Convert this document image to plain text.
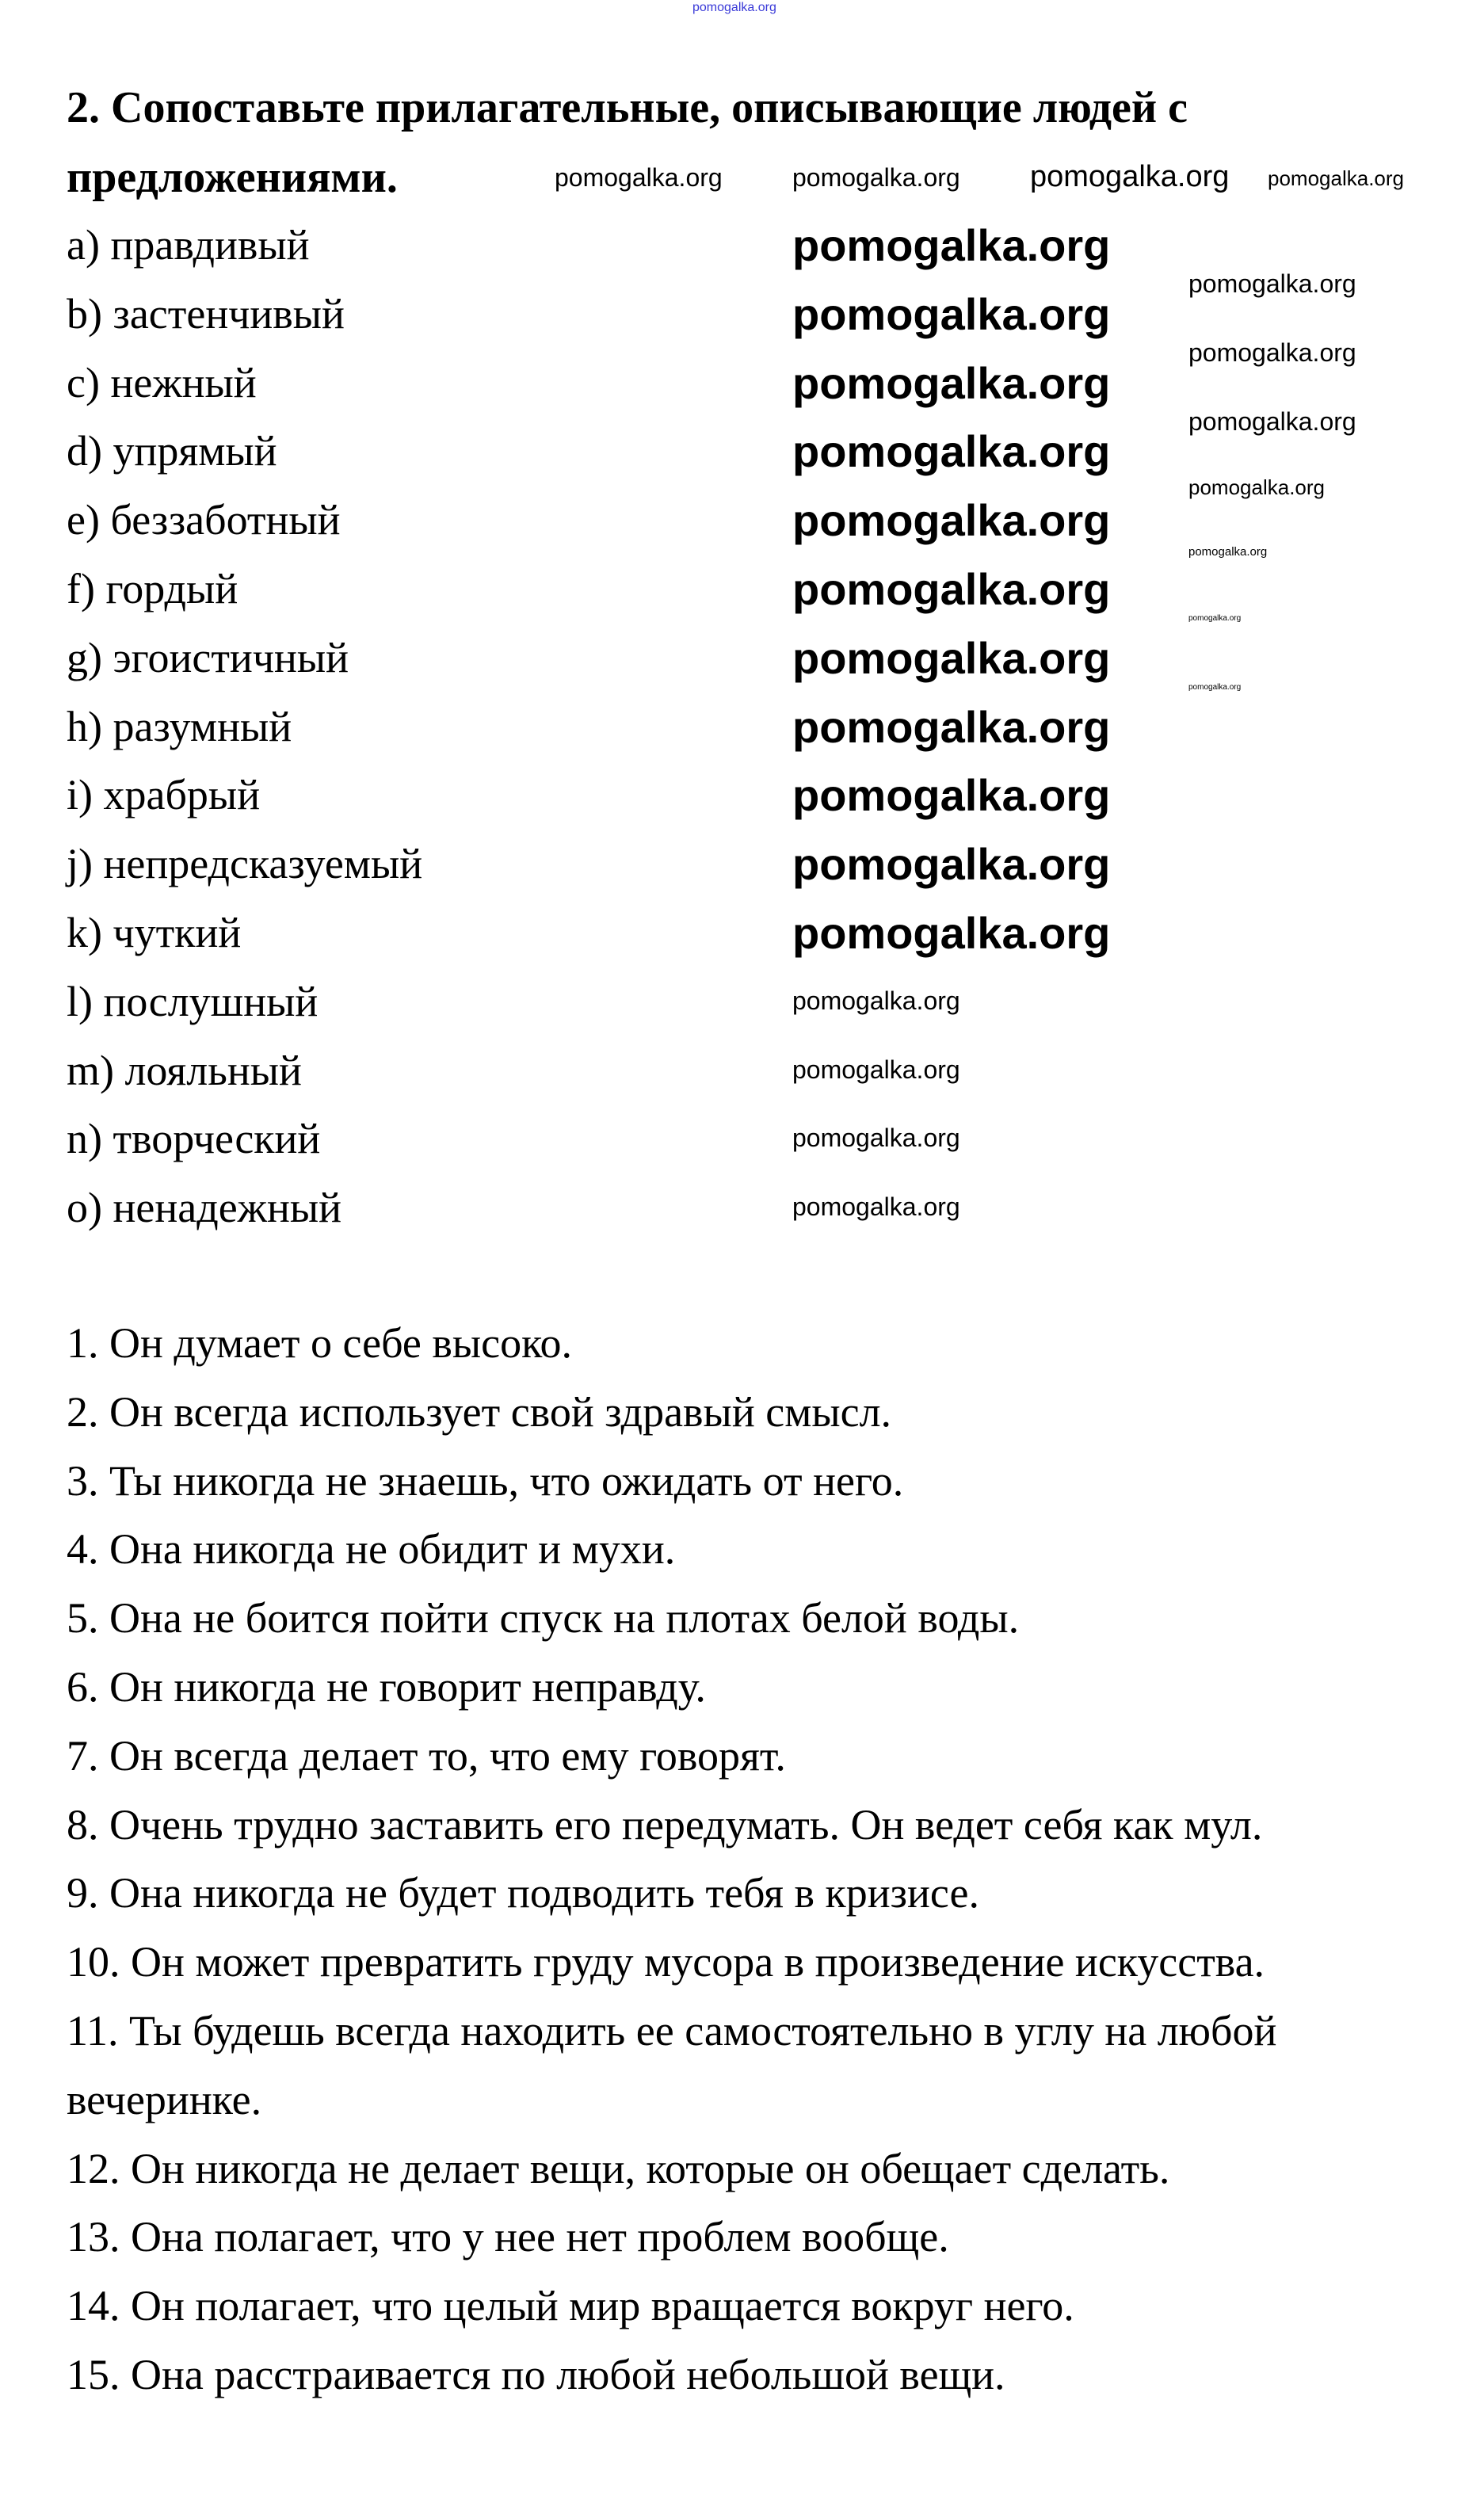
2. Сопоставьте прилагательные, описывающие людей с
предложениями.
a) правдивый
b) застенчивый
c) нежный
d) упрямый
e) беззаботный
f) гордый
g) эгоистичный
h) разумный
i) храбрый
j) непредсказуемый
k) чуткий
l) послушный
m) лояльный
n) творческий
o) ненадежный
1. Он думает о себе высоко.
2. Он всегда использует свой здравый смысл.
3. Ты никогда не знаешь, что ожидать от него.
4. Она никогда не обидит и мухи.
5. Она не боится пойти спуск на плотах белой воды.
6. Он никогда не говорит неправду.
7. Он всегда делает то, что ему говорят.
8. Очень трудно заставить его передумать. Он ведет себя как мул.
9. Она никогда не будет подводить тебя в кризисе.
10. Он может превратить груду мусора в произведение искусства.
11. Ты будешь всегда находить ее самостоятельно в углу на любой
вечеринке.
12. Он никогда не делает вещи, которые он обещает сделать.
13. Она полагает, что у нее нет проблем вообще.
14. Он полагает, что целый мир вращается вокруг него.
15. Она расстраивается по любой небольшой вещи.
pomogalka.org
pomogalka.org	pomogalka.org pomogalka.org pomogalka.org
pomogalka.org
pomogalka.org
pomogalka.org
pomogalka.org
pomogalka.org
pomogalka.org
pomogalka.org
pomogalka.org
pomogalka.org
pomogalka.org
pomogalka.org
pomogalka.org
pomogalka.org
pomogalka.org
pomogalka.org
pomogalka.org
pomogalka.org
pomogalka.org
pomogalka.org
pomogalka.org
pomogalka.org
pomogalka.org
